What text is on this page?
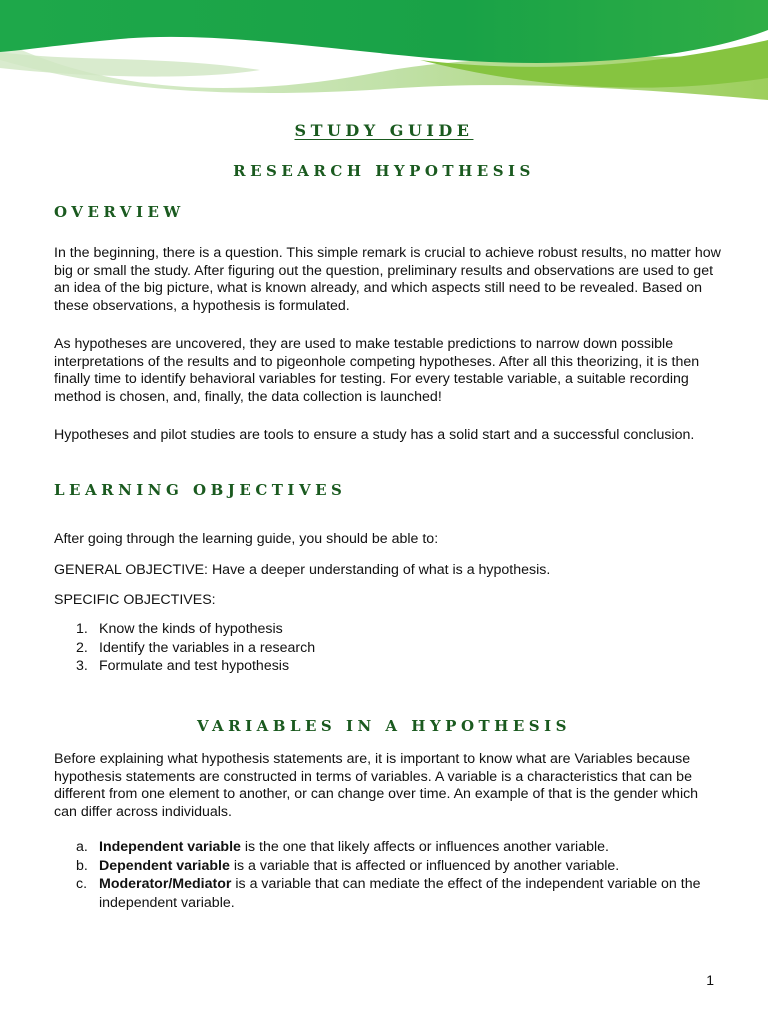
STUDY GUIDE
RESEARCH HYPOTHESIS
OVERVIEW

In the beginning, there is a question. This simple remark is crucial to achieve robust results, no matter how big or small the study. After figuring out the question, preliminary results and observations are used to get an idea of the big picture, what is known already, and which aspects still need to be revealed. Based on these observations, a hypothesis is formulated.

As hypotheses are uncovered, they are used to make testable predictions to narrow down possible interpretations of the results and to pigeonhole competing hypotheses. After all this theorizing, it is then finally time to identify behavioral variables for testing. For every testable variable, a suitable recording method is chosen, and, finally, the data collection is launched!

Hypotheses and pilot studies are tools to ensure a study has a solid start and a successful conclusion.

LEARNING OBJECTIVES

After going through the learning guide, you should be able to:

GENERAL OBJECTIVE: Have a deeper understanding of what is a hypothesis.

SPECIFIC OBJECTIVES:

1. Know the kinds of hypothesis
2. Identify the variables in a research
3. Formulate and test hypothesis
VARIABLES IN A HYPOTHESIS

Before explaining what hypothesis statements are, it is important to know what are Variables because hypothesis statements are constructed in terms of variables. A variable is a characteristics that can be different from one element to another, or can change over time. An example of that is the gender which can differ across individuals.

a. Independent variable is the one that likely affects or influences another variable.
b. Dependent variable is a variable that is affected or influenced by another variable.
c. Moderator/Mediator is a variable that can mediate the effect of the independent variable on the independent variable.
1
